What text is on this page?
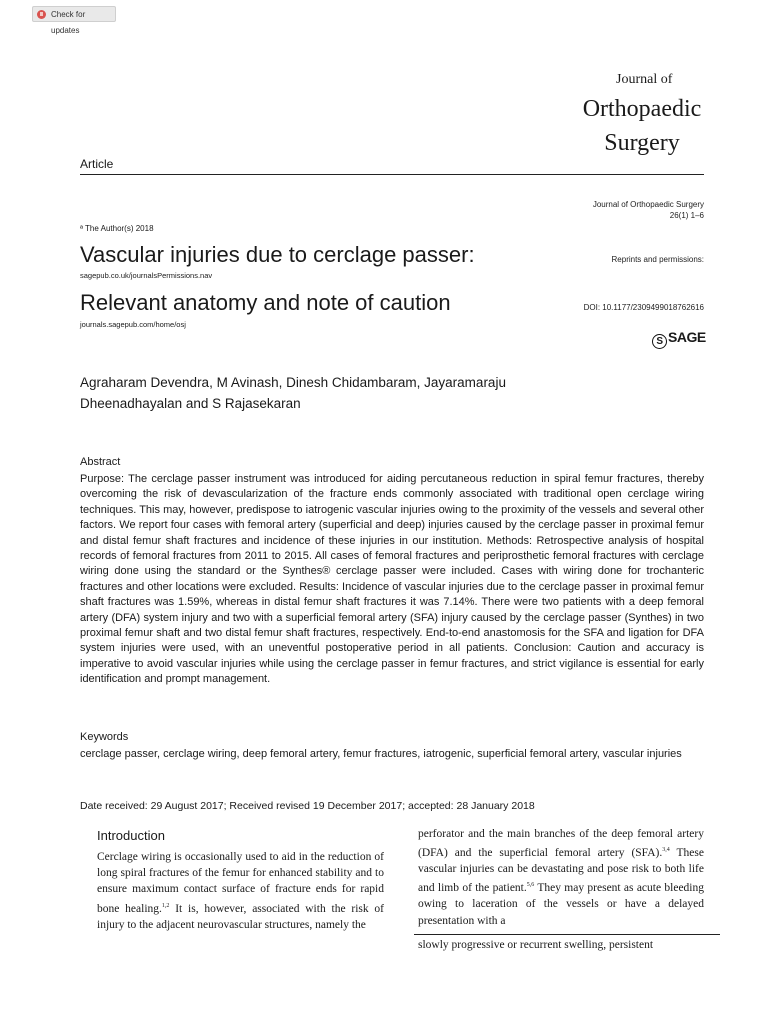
Check for updates
Journal of
Orthopaedic
Surgery
Article
Journal of Orthopaedic Surgery
26(1) 1–6
ª The Author(s) 2018
Reprints and permissions:
Vascular injuries due to cerclage passer:
sagepub.co.uk/journalsPermissions.nav
Relevant anatomy and note of caution	DOI: 10.1177/2309499018762616
journals.sagepub.com/home/osj
S SAGE
Agraharam Devendra, M Avinash, Dinesh Chidambaram, Jayaramaraju
Dheenadhayalan and S Rajasekaran
Abstract
Purpose: The cerclage passer instrument was introduced for aiding percutaneous reduction in spiral femur fractures, thereby overcoming the risk of devascularization of the fracture ends commonly associated with traditional open cerclage wiring techniques. This may, however, predispose to iatrogenic vascular injuries owing to the proximity of the vessels and several other factors. We report four cases with femoral artery (superficial and deep) injuries caused by the cerclage passer in proximal femur and distal femur shaft fractures and incidence of these injuries in our institution. Methods: Retrospective analysis of hospital records of femoral fractures from 2011 to 2015. All cases of femoral fractures and periprosthetic femoral fractures with cerclage wiring done using the standard or the Synthes® cerclage passer were included. Cases with wiring done for trochanteric fractures and other locations were excluded. Results: Incidence of vascular injuries due to the cerclage passer in proximal femur shaft fractures was 1.59%, whereas in distal femur shaft fractures it was 7.14%. There were two patients with a deep femoral artery (DFA) system injury and two with a superficial femoral artery (SFA) injury caused by the cerclage passer (Synthes) in two proximal femur shaft and two distal femur shaft fractures, respectively. End-to-end anastomosis for the SFA and ligation for DFA system injuries were used, with an uneventful postoperative period in all patients. Conclusion: Caution and accuracy is imperative to avoid vascular injuries while using the cerclage passer in femur fractures, and strict vigilance is essential for early identification and prompt management.
Keywords
cerclage passer, cerclage wiring, deep femoral artery, femur fractures, iatrogenic, superficial femoral artery, vascular injuries
Date received: 29 August 2017; Received revised 19 December 2017; accepted: 28 January 2018
Introduction
Cerclage wiring is occasionally used to aid in the reduction of long spiral fractures of the femur for enhanced stability and to ensure maximum contact surface of fracture ends for rapid bone healing.$^{1,2}$ It is, however, associated with the risk of injury to the adjacent neurovascular structures, namely the
perforator and the main branches of the deep femoral artery (DFA) and the superficial femoral artery (SFA).$^{3,4}$ These vascular injuries can be devastating and pose risk to both life and limb of the patient.$^{5,6}$ They may present as acute bleeding owing to laceration of the vessels or have a delayed presentation with a
slowly progressive or recurrent swelling, persistent
